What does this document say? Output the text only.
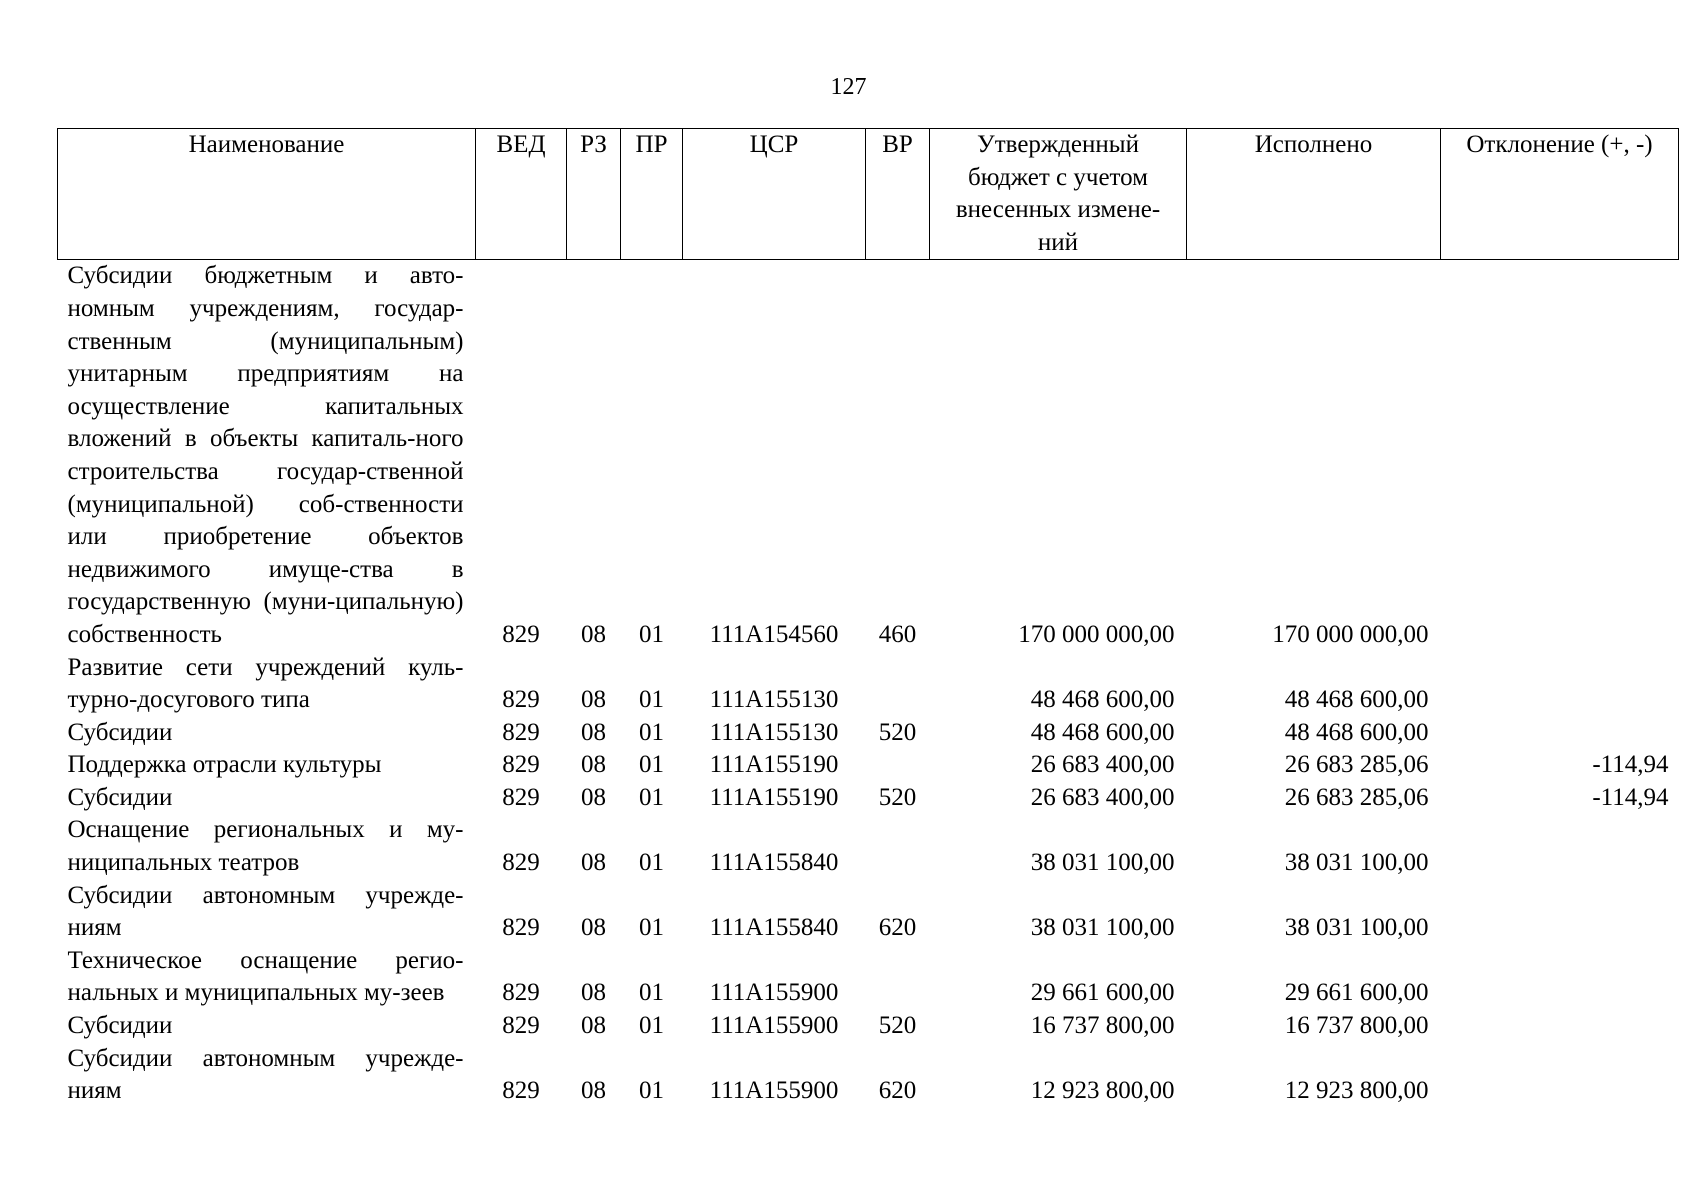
127
Наименование	ВЕД	РЗ	ПР	ЦСР	ВР	Утвержденный бюджет с учетом внесенных измене-ний	Исполнено	Отклонение (+, -)
Субсидии бюджетным и авто-номным учреждениям, государ-ственным (муниципальным) унитарным предприятиям на осуществление капитальных вложений в объекты капиталь-ного строительства государ-ственной (муниципальной) соб-ственности или приобретение объектов недвижимого имуще-ства в государственную (муни-ципальную) собственность	829	08	01	111A154560	460	170 000 000,00	170 000 000,00	
Развитие сети учреждений куль-турно-досугового типа	829	08	01	111A155130		48 468 600,00	48 468 600,00	
Субсидии	829	08	01	111A155130	520	48 468 600,00	48 468 600,00	
Поддержка отрасли культуры	829	08	01	111A155190		26 683 400,00	26 683 285,06	-114,94
Субсидии	829	08	01	111A155190	520	26 683 400,00	26 683 285,06	-114,94
Оснащение региональных и му-ниципальных театров	829	08	01	111A155840		38 031 100,00	38 031 100,00	
Субсидии автономным учрежде-ниям	829	08	01	111A155840	620	38 031 100,00	38 031 100,00	
Техническое оснащение регио-нальных и муниципальных му-зеев	829	08	01	111A155900		29 661 600,00	29 661 600,00	
Субсидии	829	08	01	111A155900	520	16 737 800,00	16 737 800,00	
Субсидии автономным учрежде-ниям	829	08	01	111A155900	620	12 923 800,00	12 923 800,00	
